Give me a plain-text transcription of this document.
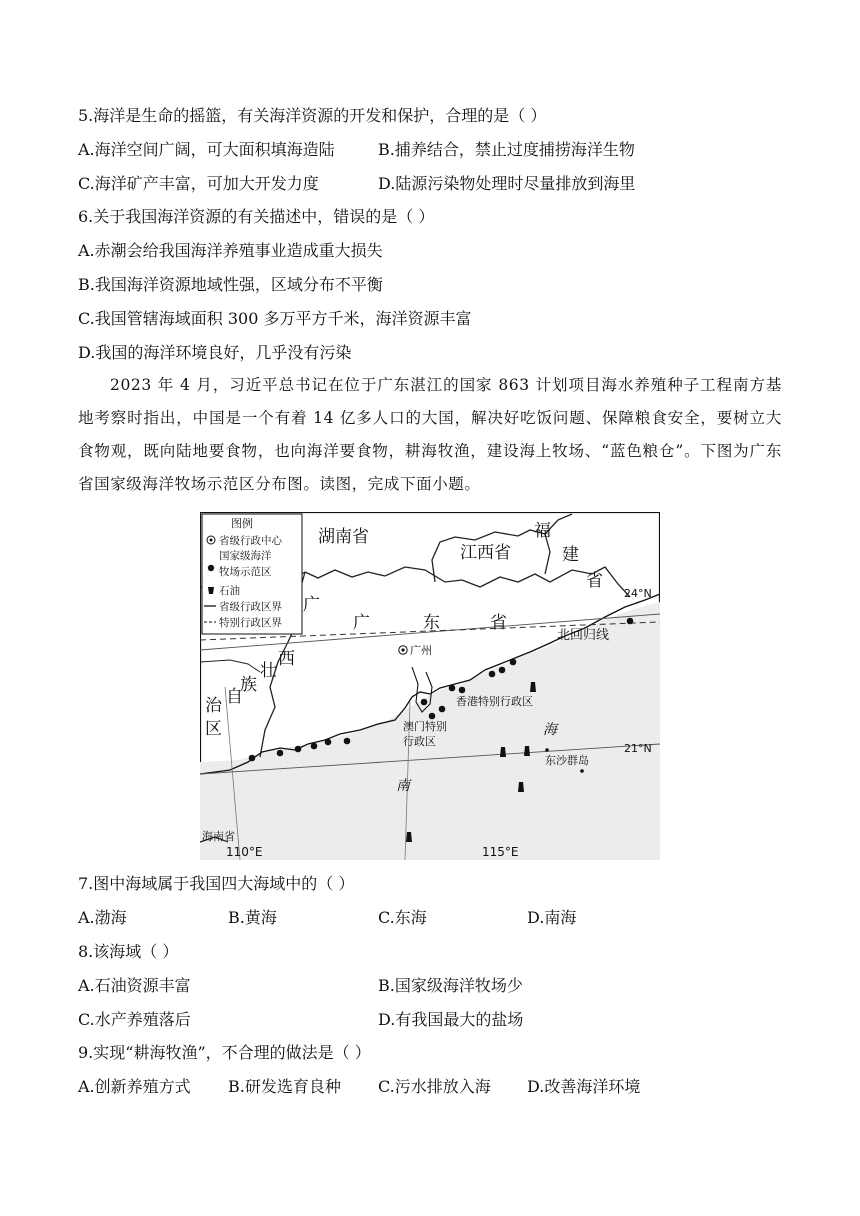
5.海洋是生命的摇篮，有关海洋资源的开发和保护，合理的是（ ）
A.海洋空间广阔，可大面积填海造陆	B.捕养结合，禁止过度捕捞海洋生物
C.海洋矿产丰富，可加大开发力度	D.陆源污染物处理时尽量排放到海里
6.关于我国海洋资源的有关描述中，错误的是（ ）
A.赤潮会给我国海洋养殖事业造成重大损失
B.我国海洋资源地域性强，区域分布不平衡
C.我国管辖海域面积 300 多万平方千米，海洋资源丰富
D.我国的海洋环境良好，几乎没有污染
2023 年 4 月，习近平总书记在位于广东湛江的国家 863 计划项目海水养殖种子工程南方基地考察时指出，中国是一个有着 14 亿多人口的大国，解决好吃饭问题、保障粮食安全，要树立大食物观，既向陆地要食物，也向海洋要食物，耕海牧渔，建设海上牧场、“蓝色粮仓”。下图为广东省国家级海洋牧场示范区分布图。读图，完成下面小题。
图例
省级行政中心
国家级海洋
牧场示范区
石油
省级行政区界
特别行政区界
湖南省
江西省
福
建
省
广	东	省
广
西
壮
族
自
治
区
广州
香港特别行政区
澳门特别
行政区
北回归线
24°N
21°N
110°E	115°E
海
南
东沙群岛
海南省
7.图中海域属于我国四大海域中的（ ）
A.渤海	B.黄海	C.东海	D.南海
8.该海域（ ）
A.石油资源丰富	B.国家级海洋牧场少
C.水产养殖落后	D.有我国最大的盐场
9.实现“耕海牧渔”，不合理的做法是（ ）
A.创新养殖方式 B.研发选育良种 C.污水排放入海 D.改善海洋环境
